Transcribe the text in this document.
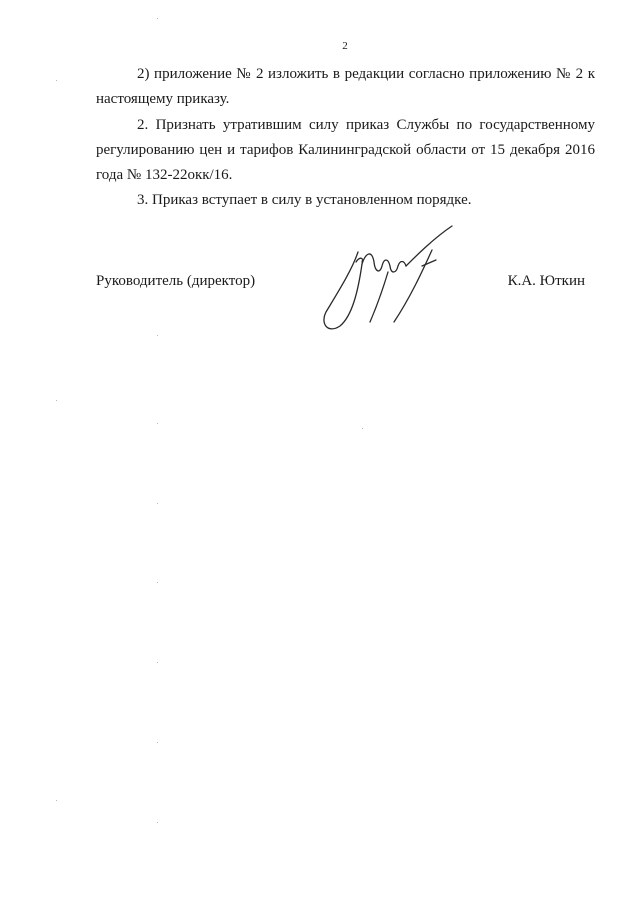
2

2) приложение № 2 изложить в редакции согласно приложению № 2 к настоящему приказу.

2. Признать утратившим силу приказ Службы по государственному регулированию цен и тарифов Калининградской области от 15 декабря 2016 года № 132-22окк/16.

3. Приказ вступает в силу в установленном порядке.

Руководитель (директор)	К.А. Юткин
